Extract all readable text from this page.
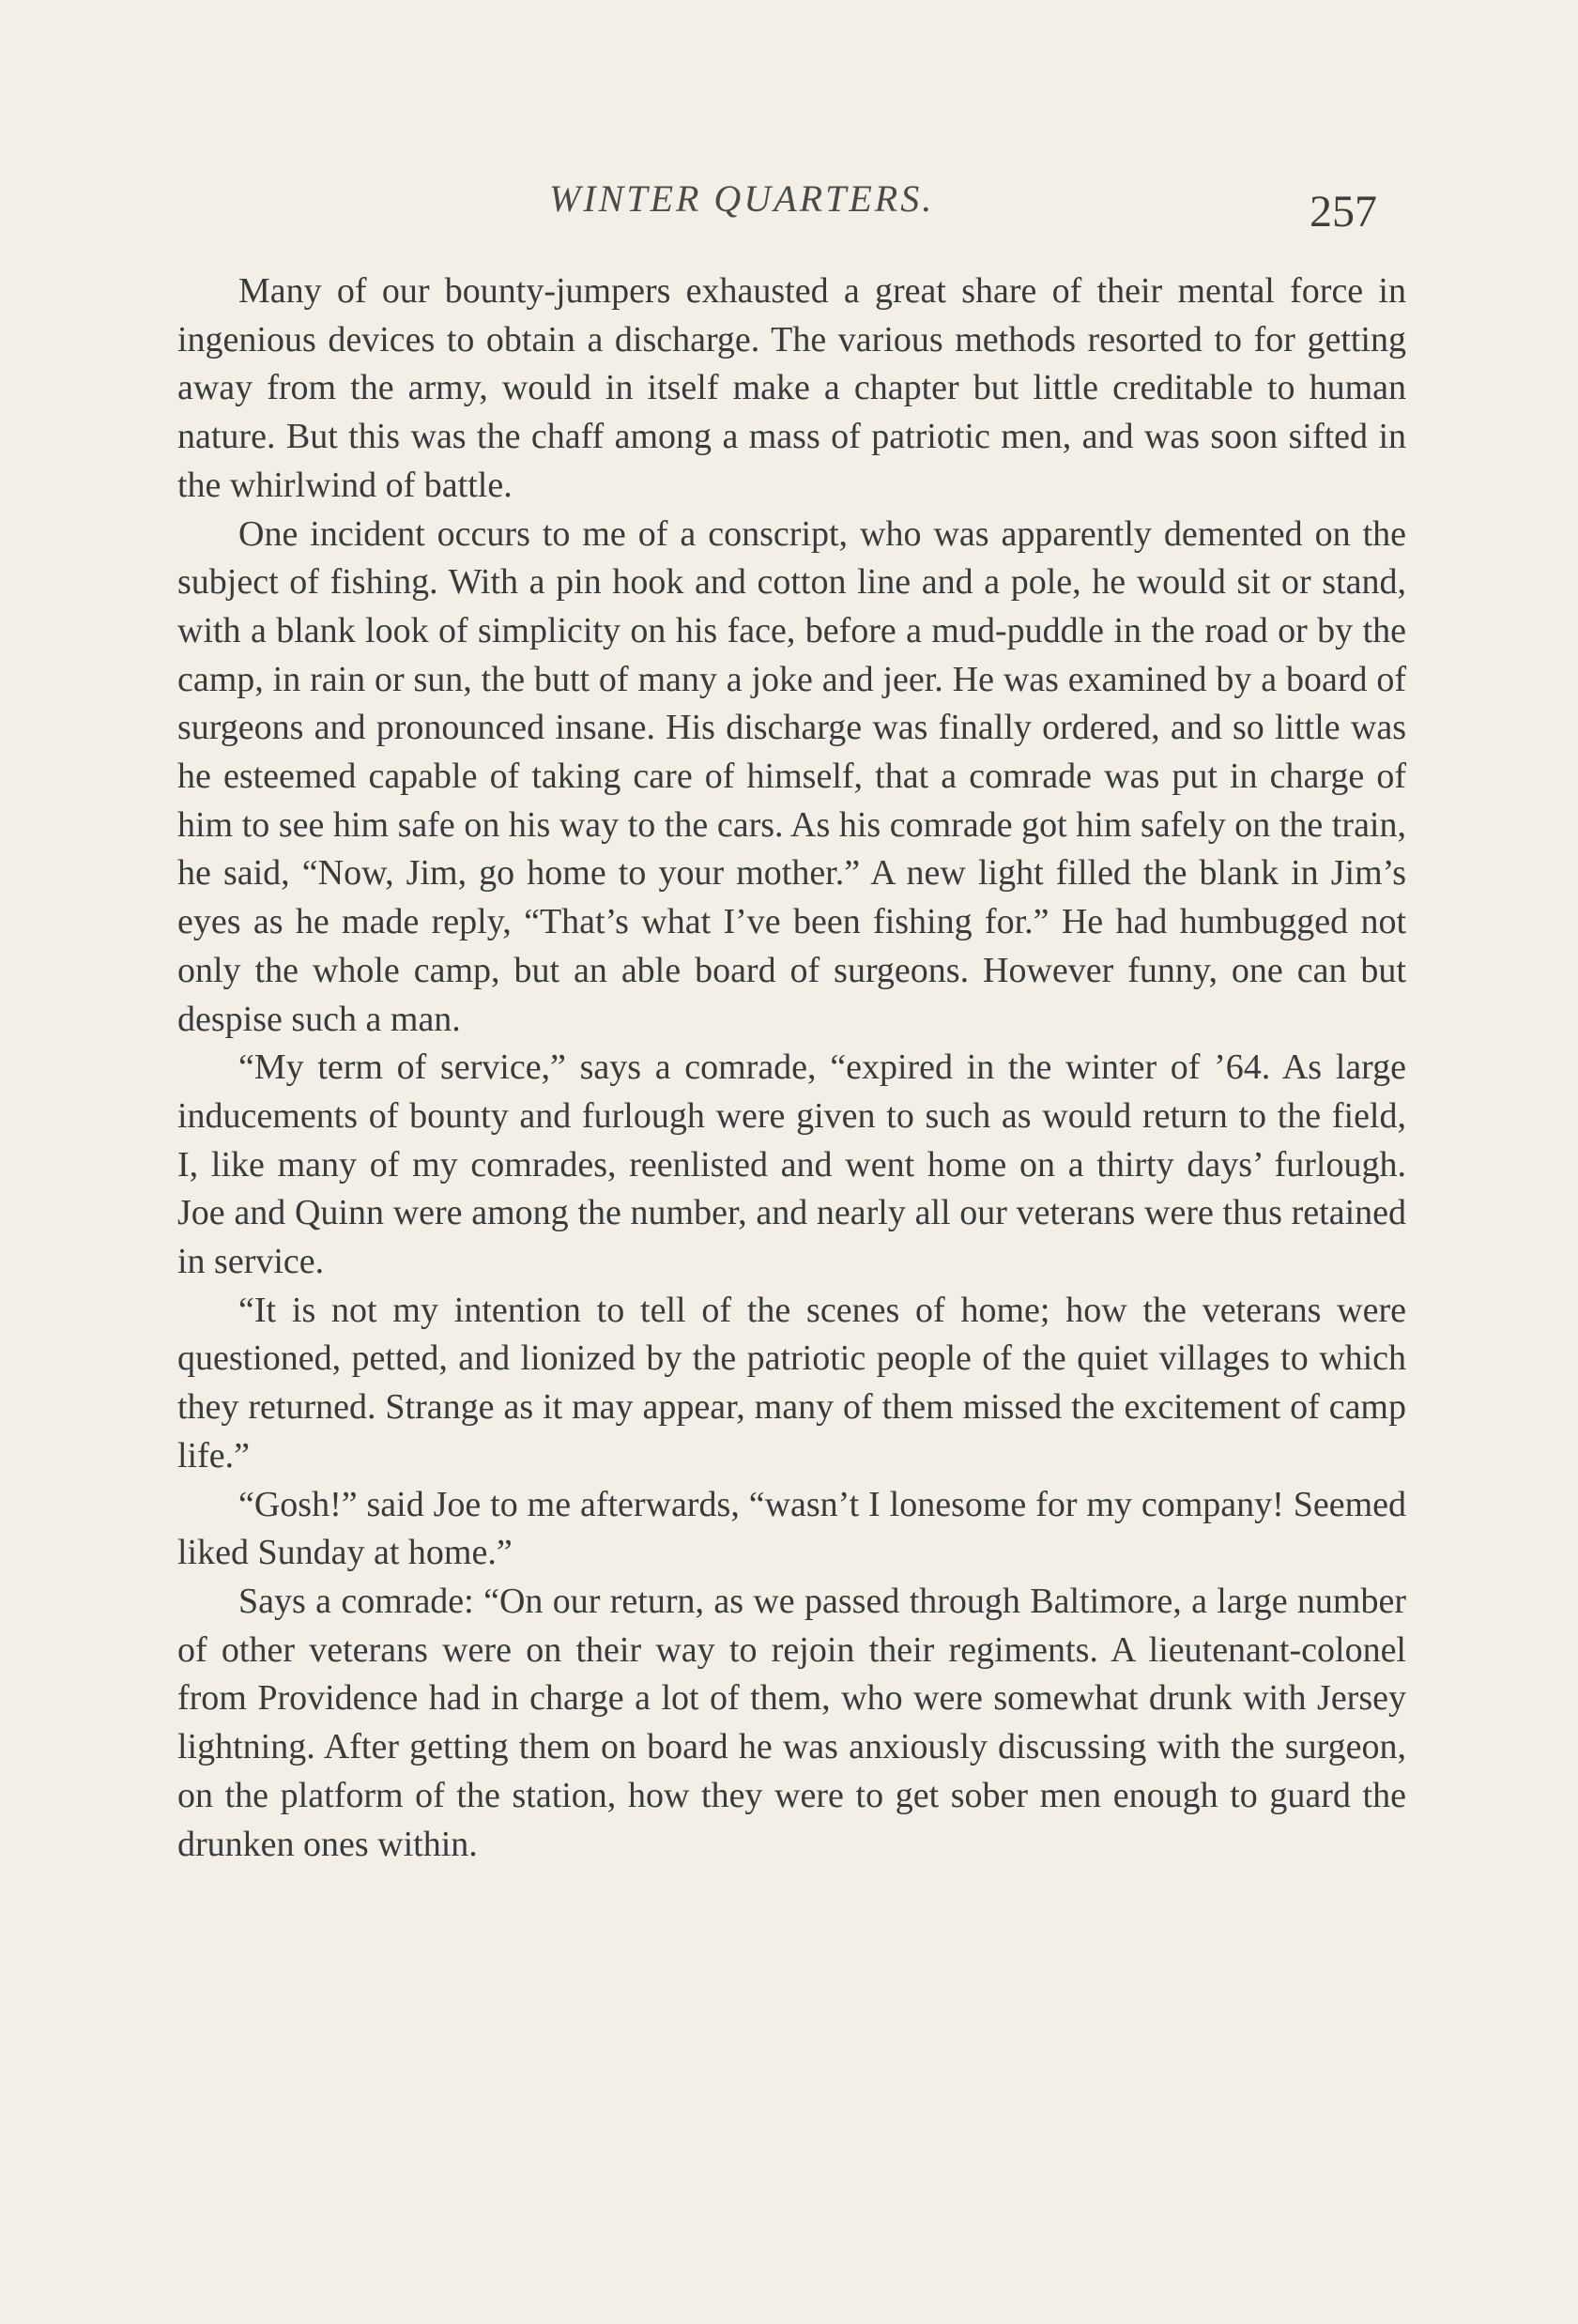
WINTER QUARTERS.	257

Many of our bounty-jumpers exhausted a great share of their mental force in ingenious devices to obtain a discharge. The various methods resorted to for getting away from the army, would in itself make a chapter but little creditable to human nature. But this was the chaff among a mass of patriotic men, and was soon sifted in the whirlwind of battle.

One incident occurs to me of a conscript, who was apparently demented on the subject of fishing. With a pin hook and cotton line and a pole, he would sit or stand, with a blank look of simplicity on his face, before a mud-puddle in the road or by the camp, in rain or sun, the butt of many a joke and jeer. He was examined by a board of surgeons and pronounced insane. His discharge was finally ordered, and so little was he esteemed capable of taking care of himself, that a comrade was put in charge of him to see him safe on his way to the cars. As his comrade got him safely on the train, he said, “Now, Jim, go home to your mother.” A new light filled the blank in Jim’s eyes as he made reply, “That’s what I’ve been fishing for.” He had humbugged not only the whole camp, but an able board of surgeons. However funny, one can but despise such a man.

“My term of service,” says a comrade, “expired in the winter of ’64. As large inducements of bounty and furlough were given to such as would return to the field, I, like many of my comrades, reenlisted and went home on a thirty days’ furlough. Joe and Quinn were among the number, and nearly all our veterans were thus retained in service.

“It is not my intention to tell of the scenes of home; how the veterans were questioned, petted, and lionized by the patriotic people of the quiet villages to which they returned. Strange as it may appear, many of them missed the excitement of camp life.”

“Gosh!” said Joe to me afterwards, “wasn’t I lonesome for my company! Seemed liked Sunday at home.”

Says a comrade: “On our return, as we passed through Baltimore, a large number of other veterans were on their way to rejoin their regiments. A lieutenant-colonel from Providence had in charge a lot of them, who were somewhat drunk with Jersey lightning. After getting them on board he was anxiously discussing with the surgeon, on the platform of the station, how they were to get sober men enough to guard the drunken ones within.
